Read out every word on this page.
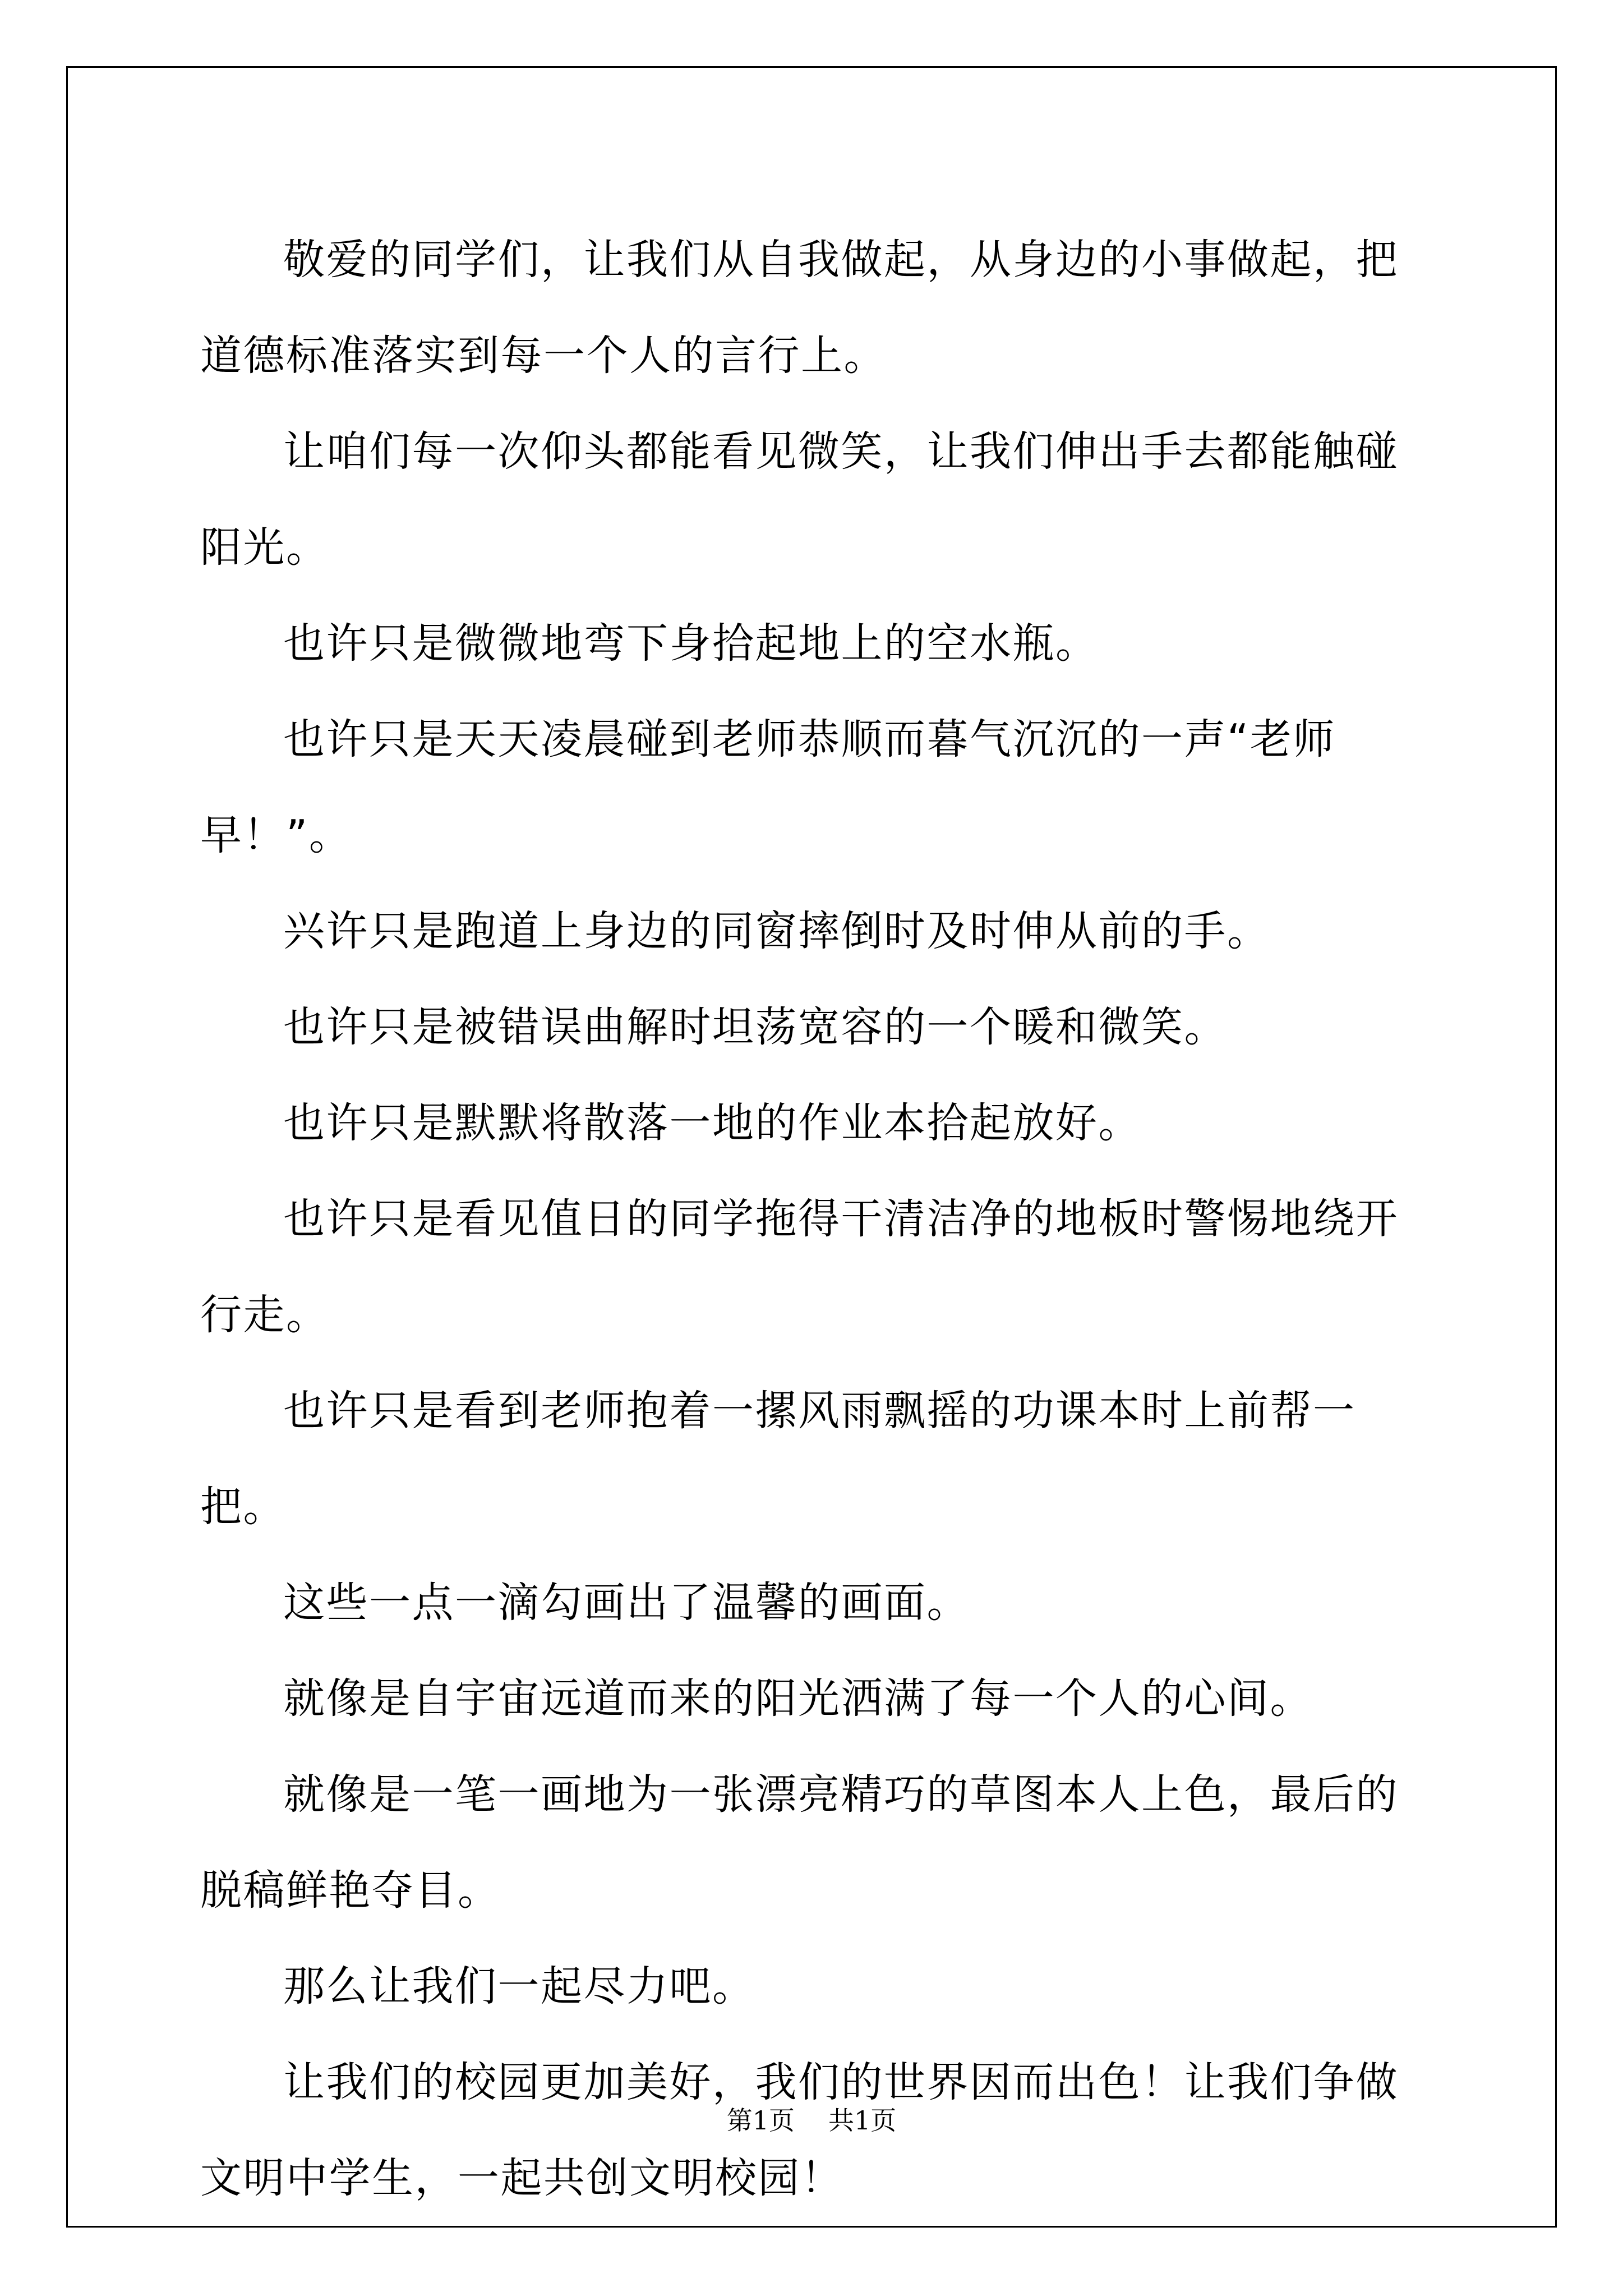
敬爱的同学们，让我们从自我做起，从身边的小事做起，把道德标准落实到每一个人的言行上。

让咱们每一次仰头都能看见微笑，让我们伸出手去都能触碰阳光。

也许只是微微地弯下身拾起地上的空水瓶。

也许只是天天凌晨碰到老师恭顺而暮气沉沉的一声“老师早！”。

兴许只是跑道上身边的同窗摔倒时及时伸从前的手。

也许只是被错误曲解时坦荡宽容的一个暖和微笑。

也许只是默默将散落一地的作业本拾起放好。

也许只是看见值日的同学拖得干清洁净的地板时警惕地绕开行走。

也许只是看到老师抱着一摞风雨飘摇的功课本时上前帮一把。

这些一点一滴勾画出了温馨的画面。

就像是自宇宙远道而来的阳光洒满了每一个人的心间。

就像是一笔一画地为一张漂亮精巧的草图本人上色，最后的脱稿鲜艳夺目。

那么让我们一起尽力吧。

让我们的校园更加美好，我们的世界因而出色！让我们争做文明中学生，一起共创文明校园！

第1页 共1页
